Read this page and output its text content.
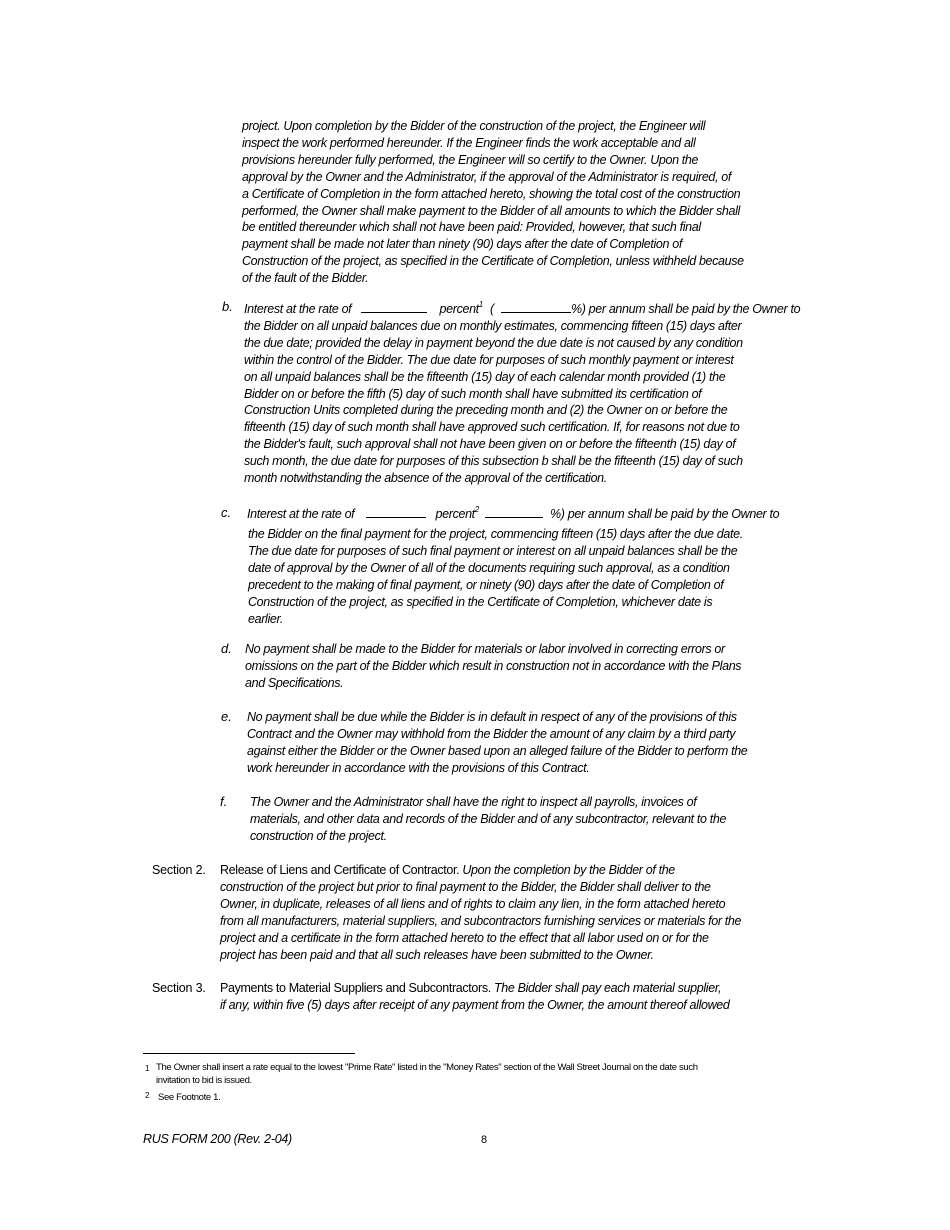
project. Upon completion by the Bidder of the construction of the project, the Engineer will
inspect the work performed hereunder. If the Engineer finds the work acceptable and all
provisions hereunder fully performed, the Engineer will so certify to the Owner. Upon the
approval by the Owner and the Administrator, if the approval of the Administrator is required, of
a Certificate of Completion in the form attached hereto, showing the total cost of the construction
performed, the Owner shall make payment to the Bidder of all amounts to which the Bidder shall
be entitled thereunder which shall not have been paid: Provided, however, that such final
payment shall be made not later than ninety (90) days after the date of Completion of
Construction of the project, as specified in the Certificate of Completion, unless withheld because
of the fault of the Bidder.
b. Interest at the rate of	percent$^1$ (	%) per annum shall be paid by the Owner to
the Bidder on all unpaid balances due on monthly estimates, commencing fifteen (15) days after
the due date; provided the delay in payment beyond the due date is not caused by any condition
within the control of the Bidder. The due date for purposes of such monthly payment or interest
on all unpaid balances shall be the fifteenth (15) day of each calendar month provided (1) the
Bidder on or before the fifth (5) day of such month shall have submitted its certification of
Construction Units completed during the preceding month and (2) the Owner on or before the
fifteenth (15) day of such month shall have approved such certification. If, for reasons not due to
the Bidder's fault, such approval shall not have been given on or before the fifteenth (15) day of
such month, the due date for purposes of this subsection b shall be the fifteenth (15) day of such
month notwithstanding the absence of the approval of the certification.
c. Interest at the rate of	percent$^2$	%) per annum shall be paid by the Owner to
the Bidder on the final payment for the project, commencing fifteen (15) days after the due date.
The due date for purposes of such final payment or interest on all unpaid balances shall be the
date of approval by the Owner of all of the documents requiring such approval, as a condition
precedent to the making of final payment, or ninety (90) days after the date of Completion of
Construction of the project, as specified in the Certificate of Completion, whichever date is
earlier.
d. No payment shall be made to the Bidder for materials or labor involved in correcting errors or
omissions on the part of the Bidder which result in construction not in accordance with the Plans
and Specifications.
e. No payment shall be due while the Bidder is in default in respect of any of the provisions of this
Contract and the Owner may withhold from the Bidder the amount of any claim by a third party
against either the Bidder or the Owner based upon an alleged failure of the Bidder to perform the
work hereunder in accordance with the provisions of this Contract.
f. The Owner and the Administrator shall have the right to inspect all payrolls, invoices of
materials, and other data and records of the Bidder and of any subcontractor, relevant to the
construction of the project.
Section 2. Release of Liens and Certificate of Contractor. Upon the completion by the Bidder of the
construction of the project but prior to final payment to the Bidder, the Bidder shall deliver to the
Owner, in duplicate, releases of all liens and of rights to claim any lien, in the form attached hereto
from all manufacturers, material suppliers, and subcontractors furnishing services or materials for the
project and a certificate in the form attached hereto to the effect that all labor used on or for the
project has been paid and that all such releases have been submitted to the Owner.
Section 3. Payments to Material Suppliers and Subcontractors. The Bidder shall pay each material supplier,
if any, within five (5) days after receipt of any payment from the Owner, the amount thereof allowed
1 The Owner shall insert a rate equal to the lowest "Prime Rate" listed in the "Money Rates" section of the Wall Street Journal on the date such
invitation to bid is issued.
2 See Footnote 1.
RUS FORM 200 (Rev. 2-04)	8
